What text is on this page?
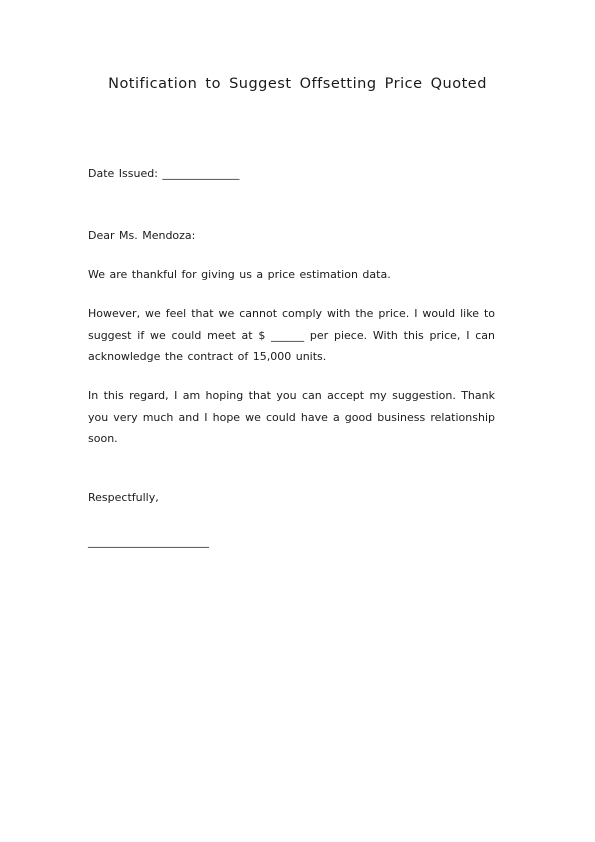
Notification to Suggest Offsetting Price Quoted
Date Issued: ______________
Dear Ms. Mendoza:
We are thankful for giving us a price estimation data.
However, we feel that we cannot comply with the price. I would like to suggest if we could meet at $ ______ per piece. With this price, I can acknowledge the contract of 15,000 units.
In this regard, I am hoping that you can accept my suggestion. Thank you very much and I hope we could have a good business relationship soon.
Respectfully,
______________________
